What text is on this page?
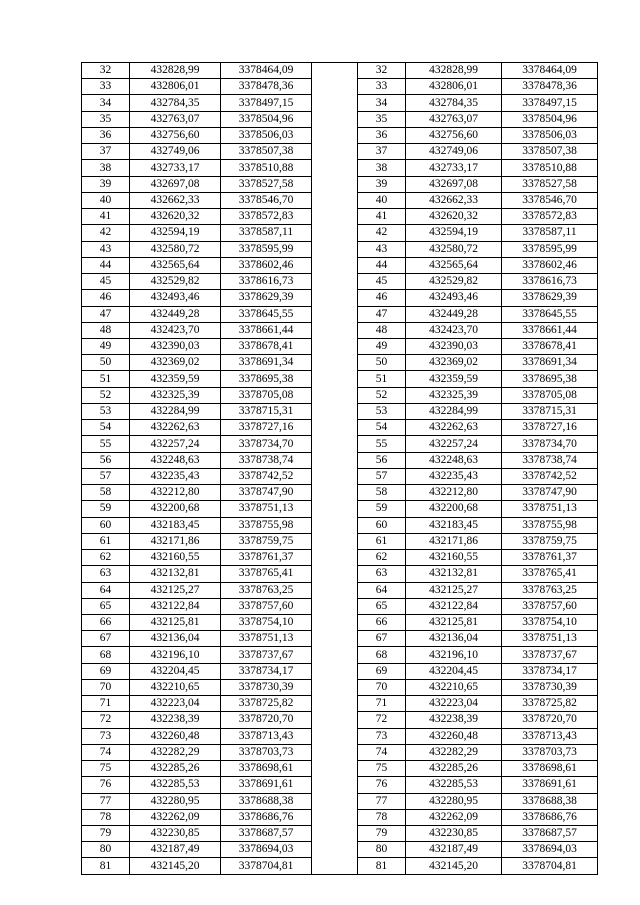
32	432828,99	3378464,09		32	432828,99	3378464,09
33	432806,01	3378478,36		33	432806,01	3378478,36
34	432784,35	3378497,15		34	432784,35	3378497,15
35	432763,07	3378504,96		35	432763,07	3378504,96
36	432756,60	3378506,03		36	432756,60	3378506,03
37	432749,06	3378507,38		37	432749,06	3378507,38
38	432733,17	3378510,88		38	432733,17	3378510,88
39	432697,08	3378527,58		39	432697,08	3378527,58
40	432662,33	3378546,70		40	432662,33	3378546,70
41	432620,32	3378572,83		41	432620,32	3378572,83
42	432594,19	3378587,11		42	432594,19	3378587,11
43	432580,72	3378595,99		43	432580,72	3378595,99
44	432565,64	3378602,46		44	432565,64	3378602,46
45	432529,82	3378616,73		45	432529,82	3378616,73
46	432493,46	3378629,39		46	432493,46	3378629,39
47	432449,28	3378645,55		47	432449,28	3378645,55
48	432423,70	3378661,44		48	432423,70	3378661,44
49	432390,03	3378678,41		49	432390,03	3378678,41
50	432369,02	3378691,34		50	432369,02	3378691,34
51	432359,59	3378695,38		51	432359,59	3378695,38
52	432325,39	3378705,08		52	432325,39	3378705,08
53	432284,99	3378715,31		53	432284,99	3378715,31
54	432262,63	3378727,16		54	432262,63	3378727,16
55	432257,24	3378734,70		55	432257,24	3378734,70
56	432248,63	3378738,74		56	432248,63	3378738,74
57	432235,43	3378742,52		57	432235,43	3378742,52
58	432212,80	3378747,90		58	432212,80	3378747,90
59	432200,68	3378751,13		59	432200,68	3378751,13
60	432183,45	3378755,98		60	432183,45	3378755,98
61	432171,86	3378759,75		61	432171,86	3378759,75
62	432160,55	3378761,37		62	432160,55	3378761,37
63	432132,81	3378765,41		63	432132,81	3378765,41
64	432125,27	3378763,25		64	432125,27	3378763,25
65	432122,84	3378757,60		65	432122,84	3378757,60
66	432125,81	3378754,10		66	432125,81	3378754,10
67	432136,04	3378751,13		67	432136,04	3378751,13
68	432196,10	3378737,67		68	432196,10	3378737,67
69	432204,45	3378734,17		69	432204,45	3378734,17
70	432210,65	3378730,39		70	432210,65	3378730,39
71	432223,04	3378725,82		71	432223,04	3378725,82
72	432238,39	3378720,70		72	432238,39	3378720,70
73	432260,48	3378713,43		73	432260,48	3378713,43
74	432282,29	3378703,73		74	432282,29	3378703,73
75	432285,26	3378698,61		75	432285,26	3378698,61
76	432285,53	3378691,61		76	432285,53	3378691,61
77	432280,95	3378688,38		77	432280,95	3378688,38
78	432262,09	3378686,76		78	432262,09	3378686,76
79	432230,85	3378687,57		79	432230,85	3378687,57
80	432187,49	3378694,03		80	432187,49	3378694,03
81	432145,20	3378704,81		81	432145,20	3378704,81
